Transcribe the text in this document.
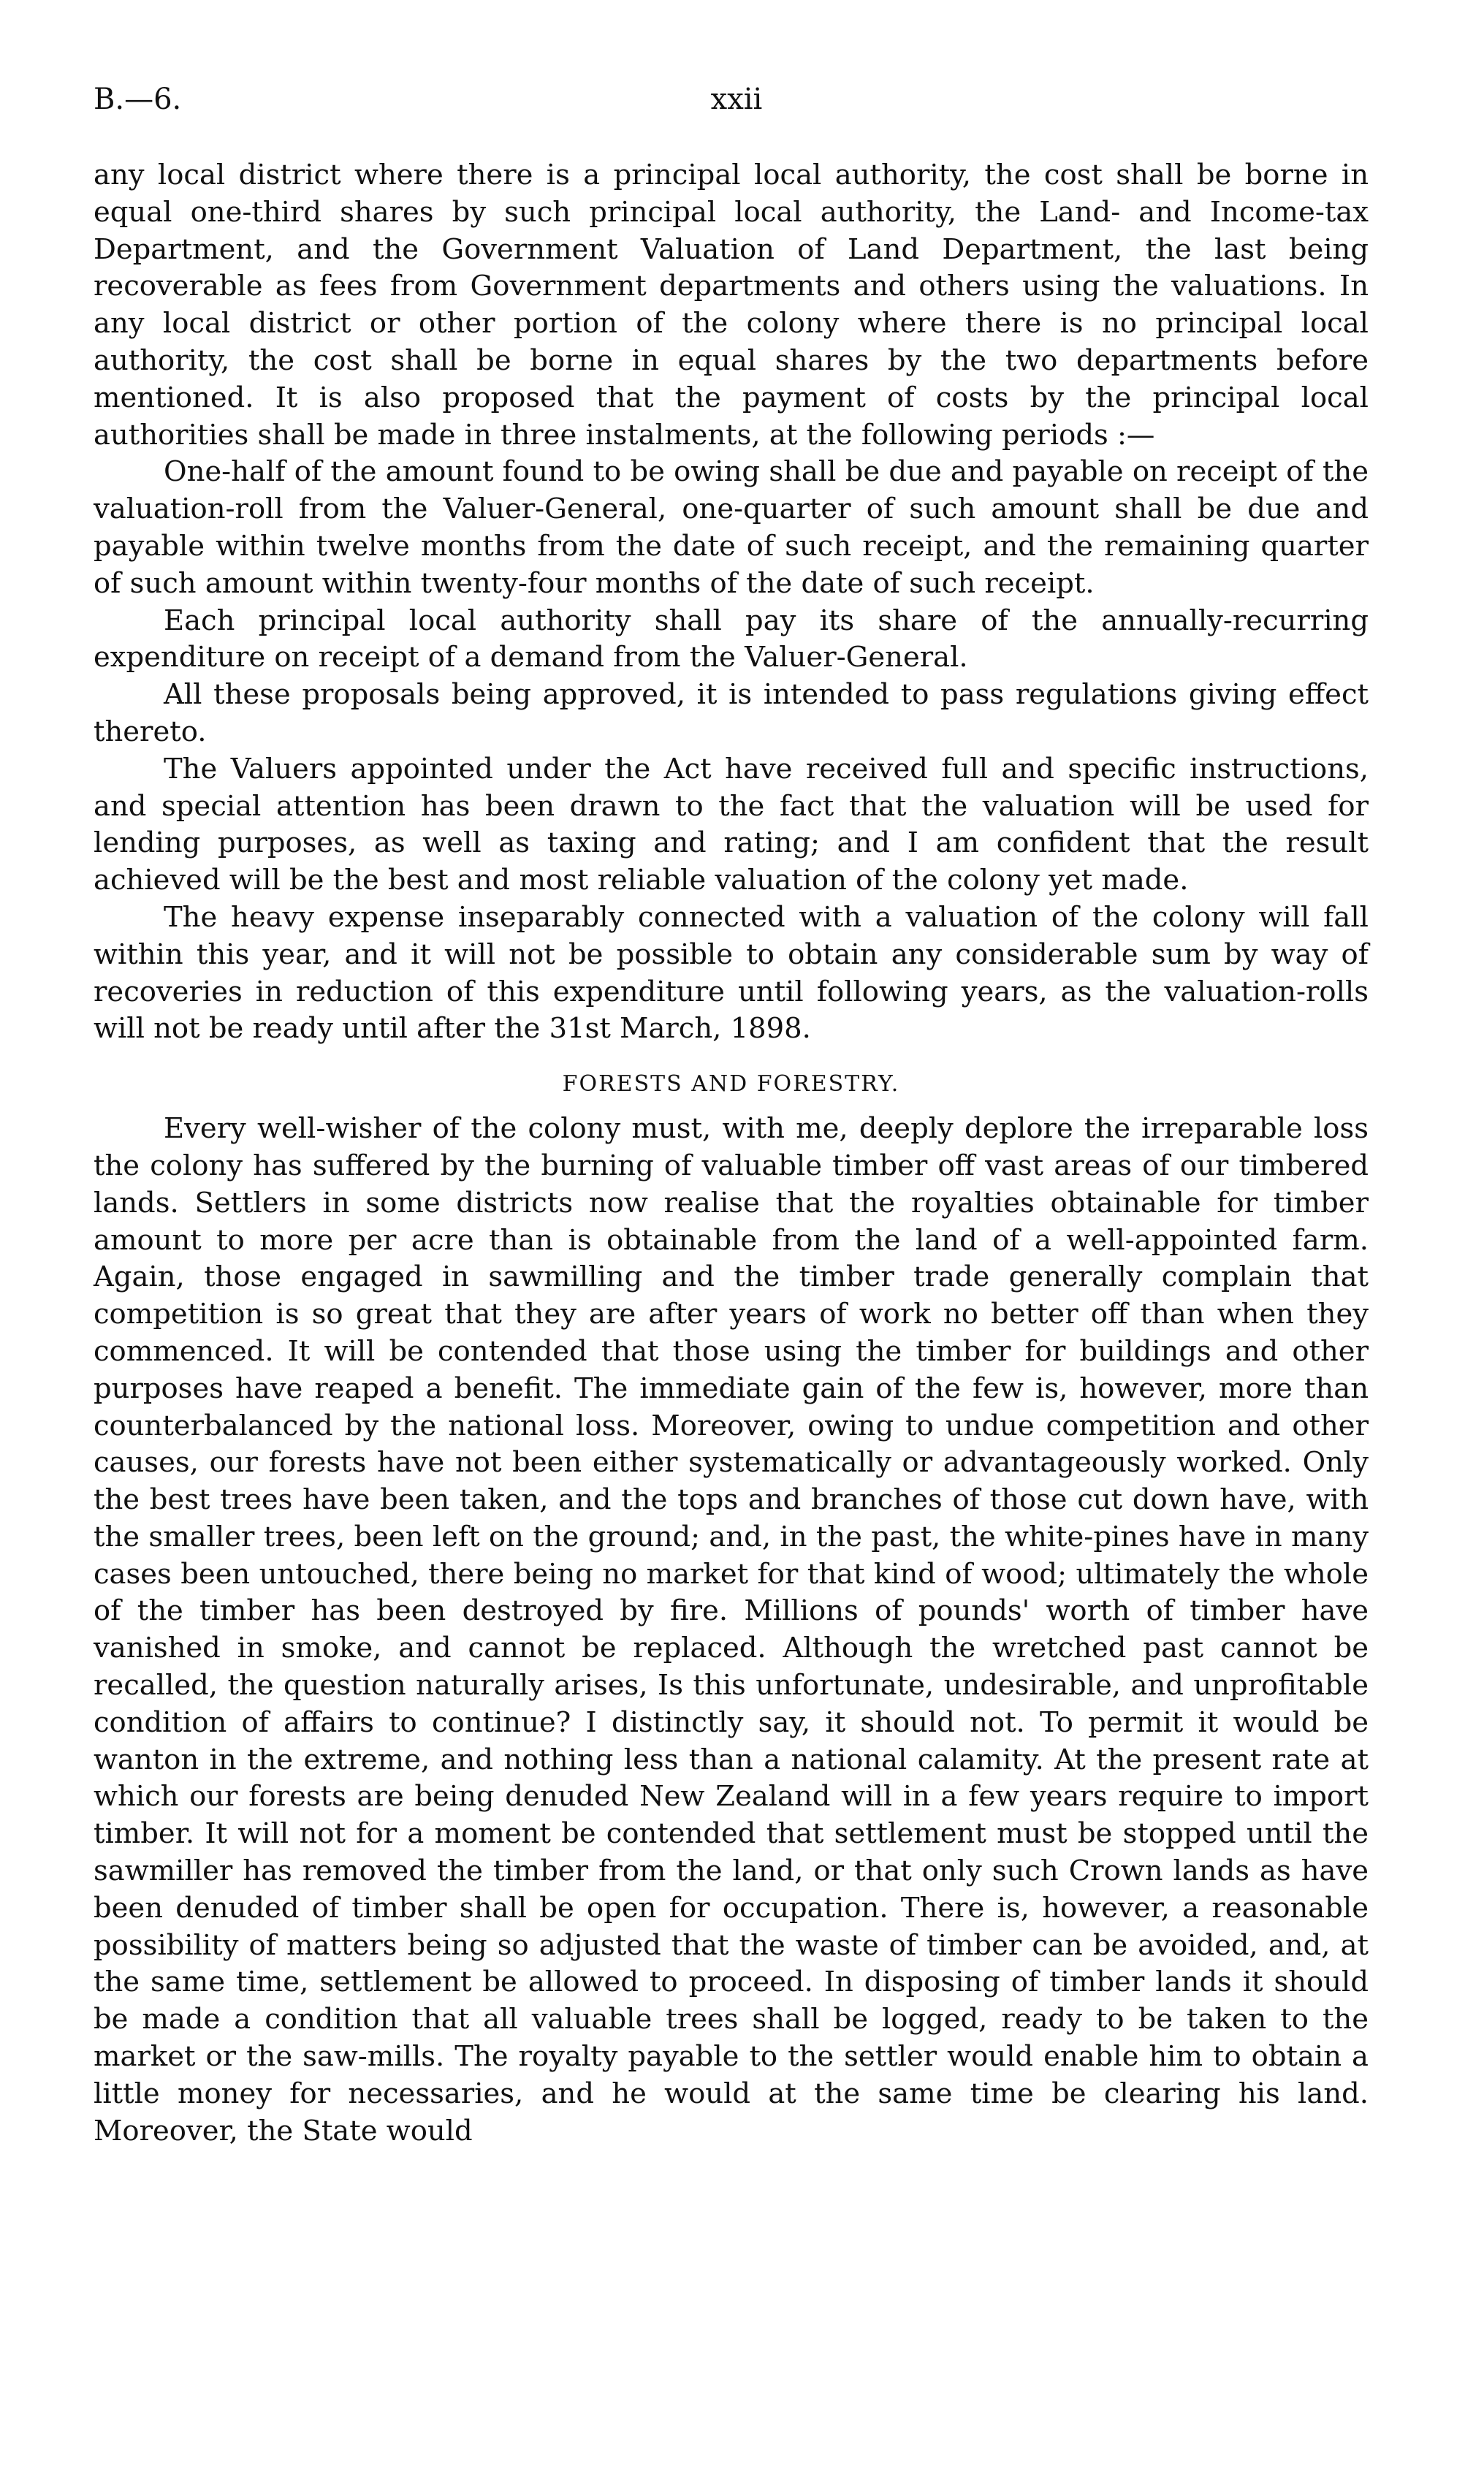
B.—6.	xxii

any local district where there is a principal local authority, the cost shall be borne in equal one-third shares by such principal local authority, the Land- and Income-tax Department, and the Government Valuation of Land Department, the last being recoverable as fees from Government departments and others using the valuations. In any local district or other portion of the colony where there is no principal local authority, the cost shall be borne in equal shares by the two departments before mentioned. It is also proposed that the payment of costs by the principal local authorities shall be made in three instalments, at the following periods :—

One-half of the amount found to be owing shall be due and payable on receipt of the valuation-roll from the Valuer-General, one-quarter of such amount shall be due and payable within twelve months from the date of such receipt, and the remaining quarter of such amount within twenty-four months of the date of such receipt.

Each principal local authority shall pay its share of the annually-recurring expenditure on receipt of a demand from the Valuer-General.

All these proposals being approved, it is intended to pass regulations giving effect thereto.

The Valuers appointed under the Act have received full and specific instructions, and special attention has been drawn to the fact that the valuation will be used for lending purposes, as well as taxing and rating; and I am confident that the result achieved will be the best and most reliable valuation of the colony yet made.

The heavy expense inseparably connected with a valuation of the colony will fall within this year, and it will not be possible to obtain any considerable sum by way of recoveries in reduction of this expenditure until following years, as the valuation-rolls will not be ready until after the 31st March, 1898.

FORESTS AND FORESTRY.

Every well-wisher of the colony must, with me, deeply deplore the irreparable loss the colony has suffered by the burning of valuable timber off vast areas of our timbered lands. Settlers in some districts now realise that the royalties obtainable for timber amount to more per acre than is obtainable from the land of a well-appointed farm. Again, those engaged in sawmilling and the timber trade generally complain that competition is so great that they are after years of work no better off than when they commenced. It will be contended that those using the timber for buildings and other purposes have reaped a benefit. The immediate gain of the few is, however, more than counterbalanced by the national loss. Moreover, owing to undue competition and other causes, our forests have not been either systematically or advantageously worked. Only the best trees have been taken, and the tops and branches of those cut down have, with the smaller trees, been left on the ground; and, in the past, the white-pines have in many cases been untouched, there being no market for that kind of wood; ultimately the whole of the timber has been destroyed by fire. Millions of pounds' worth of timber have vanished in smoke, and cannot be replaced. Although the wretched past cannot be recalled, the question naturally arises, Is this unfortunate, undesirable, and unprofitable condition of affairs to continue? I distinctly say, it should not. To permit it would be wanton in the extreme, and nothing less than a national calamity. At the present rate at which our forests are being denuded New Zealand will in a few years require to import timber. It will not for a moment be contended that settlement must be stopped until the sawmiller has removed the timber from the land, or that only such Crown lands as have been denuded of timber shall be open for occupation. There is, however, a reasonable possibility of matters being so adjusted that the waste of timber can be avoided, and, at the same time, settlement be allowed to proceed. In disposing of timber lands it should be made a condition that all valuable trees shall be logged, ready to be taken to the market or the saw-mills. The royalty payable to the settler would enable him to obtain a little money for necessaries, and he would at the same time be clearing his land. Moreover, the State would
